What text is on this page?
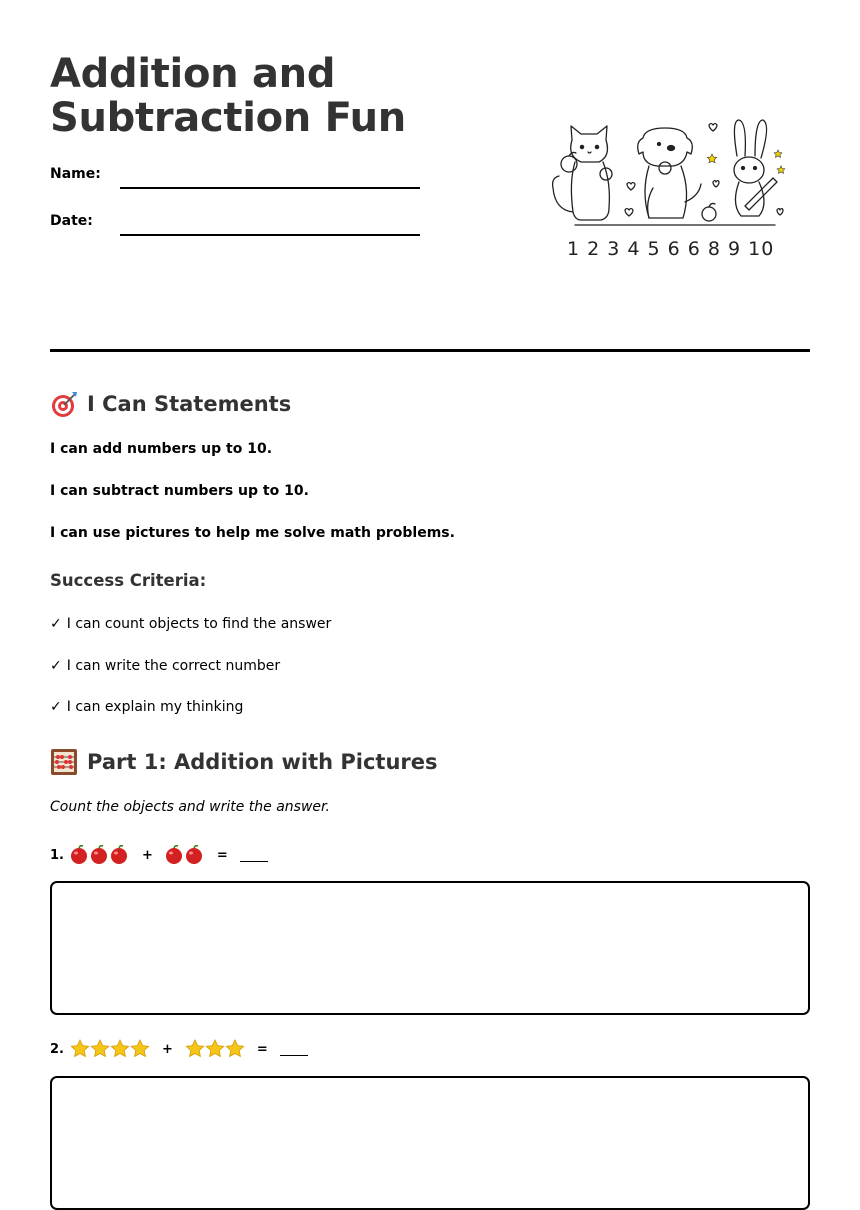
Addition and
Subtraction Fun
Name:
Date:
1 2 3 4 5 6 6 8 9 10
I Can Statements
I can add numbers up to 10.
I can subtract numbers up to 10.
I can use pictures to help me solve math problems.
Success Criteria:
✓ I can count objects to find the answer
✓ I can write the correct number
✓ I can explain my thinking
Part 1: Addition with Pictures
Count the objects and write the answer.
1.	+	=
2.	+	=
